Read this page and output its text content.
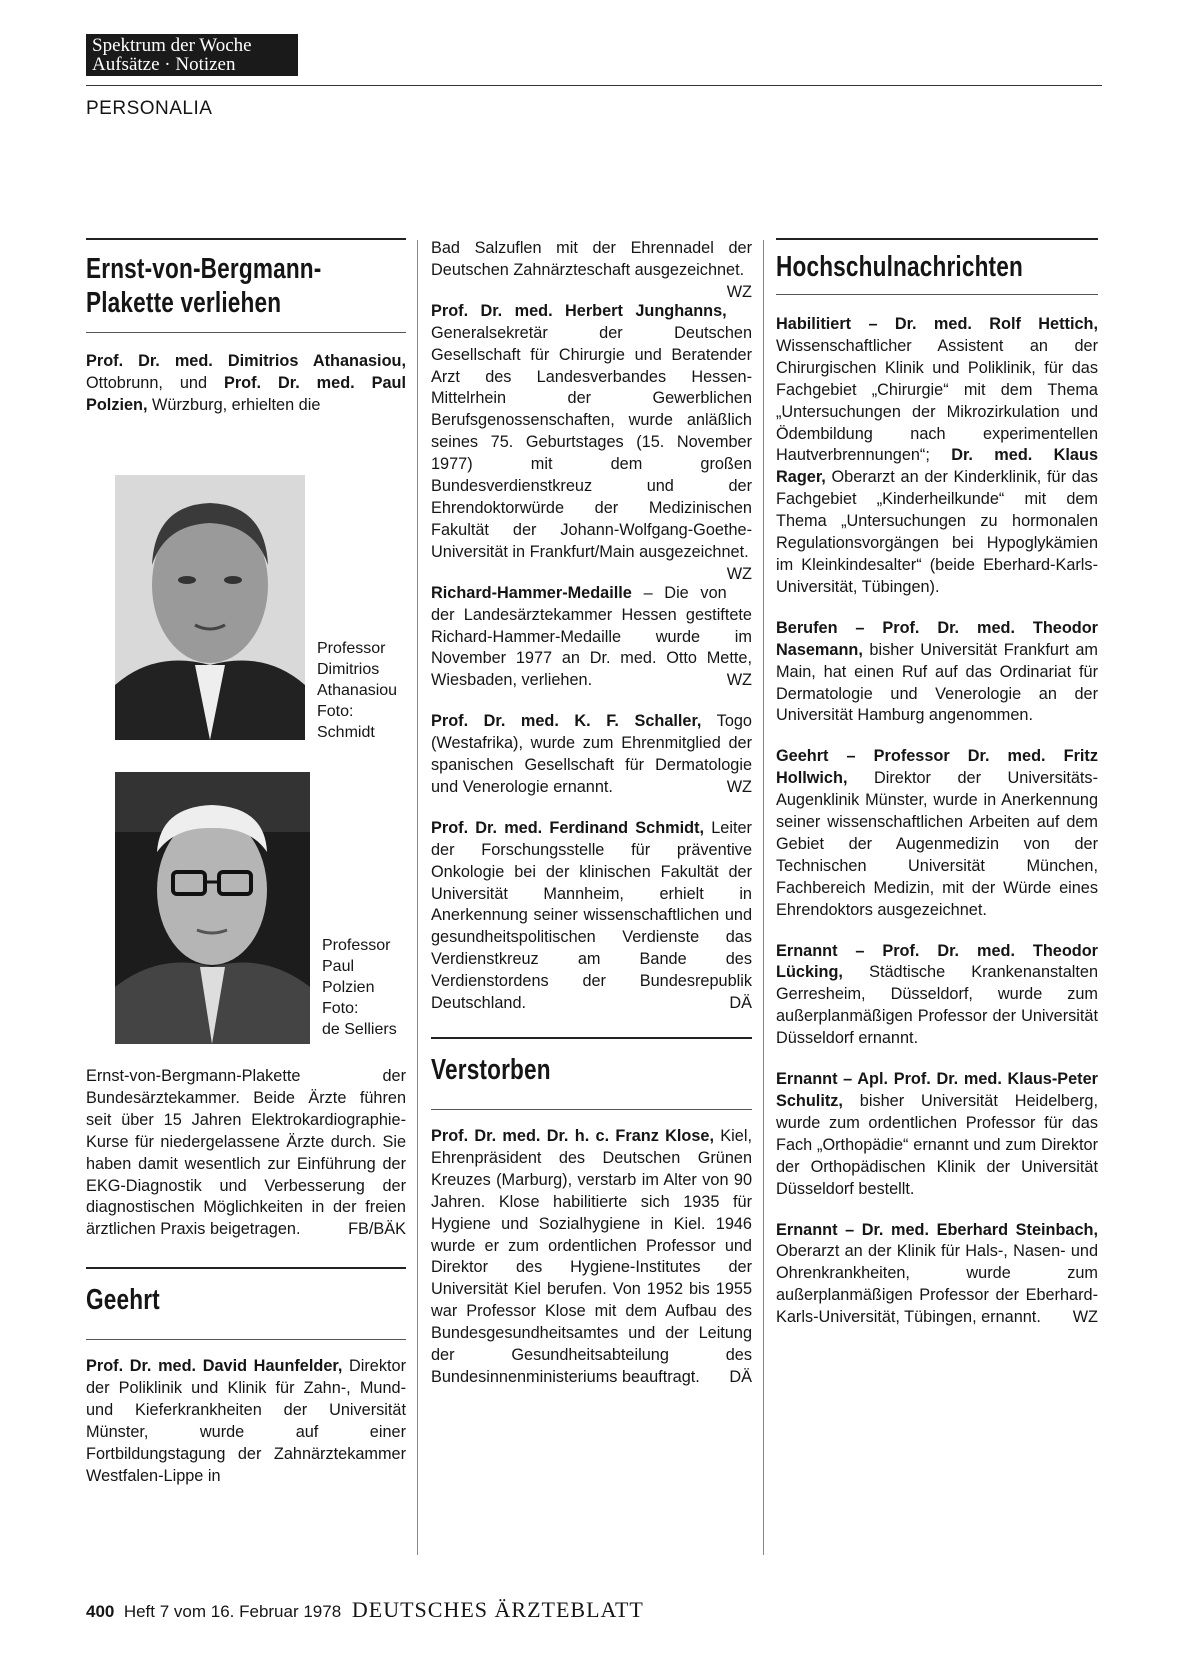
Spektrum der Woche
Aufsätze · Notizen
PERSONALIA
Ernst-von-Bergmann-
Plakette verliehen

Prof. Dr. med. Dimitrios Athanasiou, Ottobrunn, und Prof. Dr. med. Paul Polzien, Würzburg, erhielten die

Professor
Dimitrios
Athanasiou
Foto:
Schmidt
Professor
Paul
Polzien
Foto:
de Selliers

Ernst-von-Bergmann-Plakette der Bundesärztekammer. Beide Ärzte führen seit über 15 Jahren Elektrokardiographie-Kurse für niedergelassene Ärzte durch. Sie haben damit wesentlich zur Einführung der EKG-Diagnostik und Verbesserung der diagnostischen Möglichkeiten in der freien ärztlichen Praxis beigetragen.	FB/BÄK

Geehrt

Prof. Dr. med. David Haunfelder, Direktor der Poliklinik und Klinik für Zahn-, Mund- und Kieferkrankheiten der Universität Münster, wurde auf einer Fortbildungstagung der Zahnärztekammer Westfalen-Lippe in

Bad Salzuflen mit der Ehrennadel der Deutschen Zahnärzteschaft ausgezeichnet.
WZ

Prof. Dr. med. Herbert Junghanns, Generalsekretär der Deutschen Gesellschaft für Chirurgie und Beratender Arzt des Landesverbandes Hessen-Mittelrhein der Gewerblichen Berufsgenossenschaften, wurde anläßlich seines 75. Geburtstages (15. November 1977) mit dem großen Bundesverdienstkreuz und der Ehrendoktorwürde der Medizinischen Fakultät der Johann-Wolfgang-Goethe-Universität in Frankfurt/Main ausgezeichnet.
WZ

Richard-Hammer-Medaille – Die von der Landesärztekammer Hessen gestiftete Richard-Hammer-Medaille wurde im November 1977 an Dr. med. Otto Mette, Wiesbaden, verliehen.	WZ

Prof. Dr. med. K. F. Schaller, Togo (Westafrika), wurde zum Ehrenmitglied der spanischen Gesellschaft für Dermatologie und Venerologie ernannt.	WZ

Prof. Dr. med. Ferdinand Schmidt, Leiter der Forschungsstelle für präventive Onkologie bei der klinischen Fakultät der Universität Mannheim, erhielt in Anerkennung seiner wissenschaftlichen und gesundheitspolitischen Verdienste das Verdienstkreuz am Bande des Verdienstordens der Bundesrepublik Deutschland.	DÄ

Verstorben

Prof. Dr. med. Dr. h. c. Franz Klose, Kiel, Ehrenpräsident des Deutschen Grünen Kreuzes (Marburg), verstarb im Alter von 90 Jahren. Klose habilitierte sich 1935 für Hygiene und Sozialhygiene in Kiel. 1946 wurde er zum ordentlichen Professor und Direktor des Hygiene-Institutes der Universität Kiel berufen. Von 1952 bis 1955 war Professor Klose mit dem Aufbau des Bundesgesundheitsamtes und der Leitung der Gesundheitsabteilung des Bundesinnenministeriums beauftragt. DÄ

Hochschulnachrichten

Habilitiert – Dr. med. Rolf Hettich, Wissenschaftlicher Assistent an der Chirurgischen Klinik und Poliklinik, für das Fachgebiet „Chirurgie“ mit dem Thema „Untersuchungen der Mikrozirkulation und Ödembildung nach experimentellen Hautverbrennungen“; Dr. med. Klaus Rager, Oberarzt an der Kinderklinik, für das Fachgebiet „Kinderheilkunde“ mit dem Thema „Untersuchungen zu hormonalen Regulationsvorgängen bei Hypoglykämien im Kleinkindesalter“ (beide Eberhard-Karls-Universität, Tübingen).

Berufen – Prof. Dr. med. Theodor Nasemann, bisher Universität Frankfurt am Main, hat einen Ruf auf das Ordinariat für Dermatologie und Venerologie an der Universität Hamburg angenommen.

Geehrt – Professor Dr. med. Fritz Hollwich, Direktor der Universitäts-Augenklinik Münster, wurde in Anerkennung seiner wissenschaftlichen Arbeiten auf dem Gebiet der Augenmedizin von der Technischen Universität München, Fachbereich Medizin, mit der Würde eines Ehrendoktors ausgezeichnet.

Ernannt – Prof. Dr. med. Theodor Lücking, Städtische Krankenanstalten Gerresheim, Düsseldorf, wurde zum außerplanmäßigen Professor der Universität Düsseldorf ernannt.

Ernannt – Apl. Prof. Dr. med. Klaus-Peter Schulitz, bisher Universität Heidelberg, wurde zum ordentlichen Professor für das Fach „Orthopädie“ ernannt und zum Direktor der Orthopädischen Klinik der Universität Düsseldorf bestellt.

Ernannt – Dr. med. Eberhard Steinbach, Oberarzt an der Klinik für Hals-, Nasen- und Ohrenkrankheiten, wurde zum außerplanmäßigen Professor der Eberhard-Karls-Universität, Tübingen, ernannt. WZ

400 Heft 7 vom 16. Februar 1978 DEUTSCHES ÄRZTEBLATT
